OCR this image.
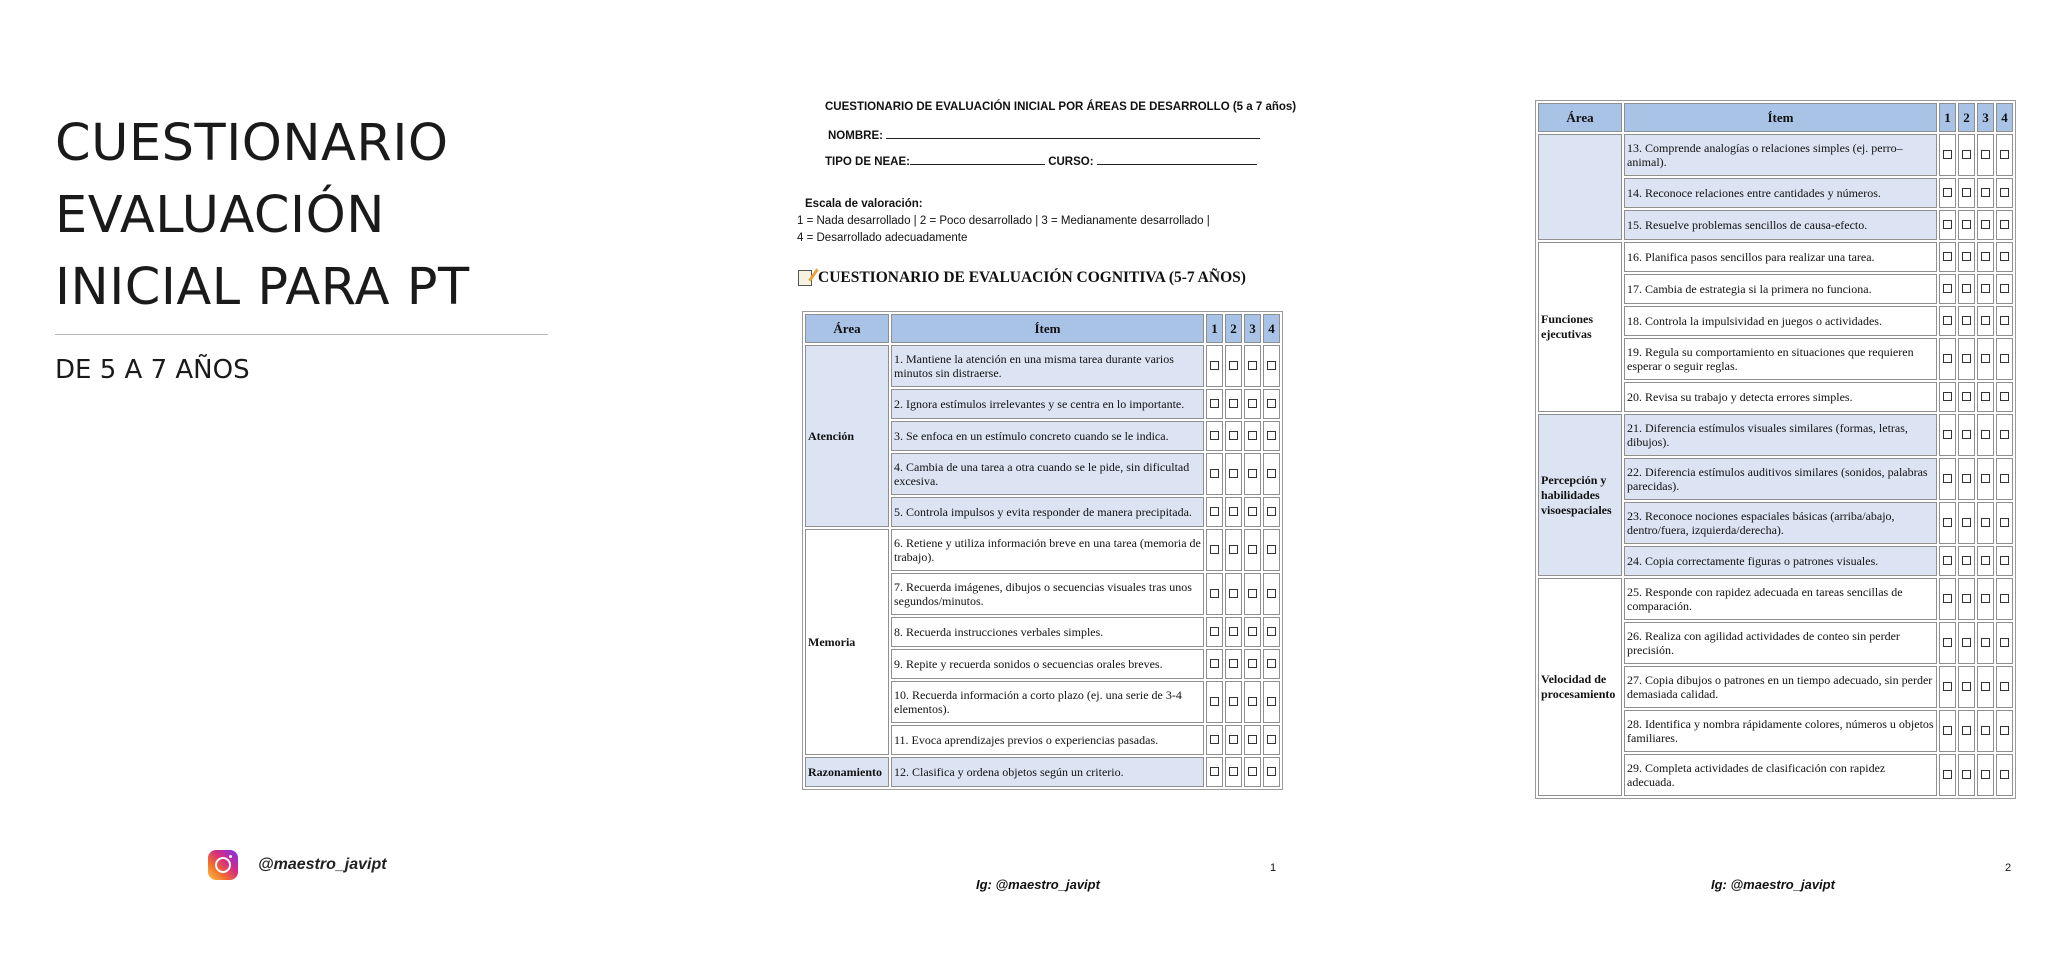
CUESTIONARIO
EVALUACIÓN
INICIAL PARA PT
DE 5 A 7 AÑOS
@maestro_javipt
CUESTIONARIO DE EVALUACIÓN INICIAL POR ÁREAS DE DESARROLLO (5 a 7 años)
NOMBRE:
TIPO DE NEAE:	CURSO:
Escala de valoración:
1 = Nada desarrollado | 2 = Poco desarrollado | 3 = Medianamente desarrollado |
4 = Desarrollado adecuadamente
CUESTIONARIO DE EVALUACIÓN COGNITIVA (5-7 AÑOS)
Área	Ítem	1	2	3	4
Atención	1. Mantiene la atención en una misma tarea durante varios minutos sin distraerse.				
	2. Ignora estímulos irrelevantes y se centra en lo importante.				
	3. Se enfoca en un estímulo concreto cuando se le indica.				
	4. Cambia de una tarea a otra cuando se le pide, sin dificultad excesiva.				
	5. Controla impulsos y evita responder de manera precipitada.				
Memoria	6. Retiene y utiliza información breve en una tarea (memoria de trabajo).				
	7. Recuerda imágenes, dibujos o secuencias visuales tras unos segundos/minutos.				
	8. Recuerda instrucciones verbales simples.				
	9. Repite y recuerda sonidos o secuencias orales breves.				
	10. Recuerda información a corto plazo (ej. una serie de 3-4 elementos).				
	11. Evoca aprendizajes previos o experiencias pasadas.				
Razonamiento	12. Clasifica y ordena objetos según un criterio.				
1
Ig: @maestro_javipt
Área	Ítem	1	2	3	4
	13. Comprende analogías o relaciones simples (ej. perro–animal).				
	14. Reconoce relaciones entre cantidades y números.				
	15. Resuelve problemas sencillos de causa-efecto.				
Funciones
ejecutivas	16. Planifica pasos sencillos para realizar una tarea.				
	17. Cambia de estrategia si la primera no funciona.				
	18. Controla la impulsividad en juegos o actividades.				
	19. Regula su comportamiento en situaciones que requieren esperar o seguir reglas.				
	20. Revisa su trabajo y detecta errores simples.				
Percepción y
habilidades
visoespaciales	21. Diferencia estímulos visuales similares (formas, letras, dibujos).				
	22. Diferencia estímulos auditivos similares (sonidos, palabras parecidas).				
	23. Reconoce nociones espaciales básicas (arriba/abajo, dentro/fuera, izquierda/derecha).				
	24. Copia correctamente figuras o patrones visuales.				
Velocidad de
procesamiento	25. Responde con rapidez adecuada en tareas sencillas de comparación.				
	26. Realiza con agilidad actividades de conteo sin perder precisión.				
	27. Copia dibujos o patrones en un tiempo adecuado, sin perder demasiada calidad.				
	28. Identifica y nombra rápidamente colores, números u objetos familiares.				
	29. Completa actividades de clasificación con rapidez adecuada.				
2
Ig: @maestro_javipt
